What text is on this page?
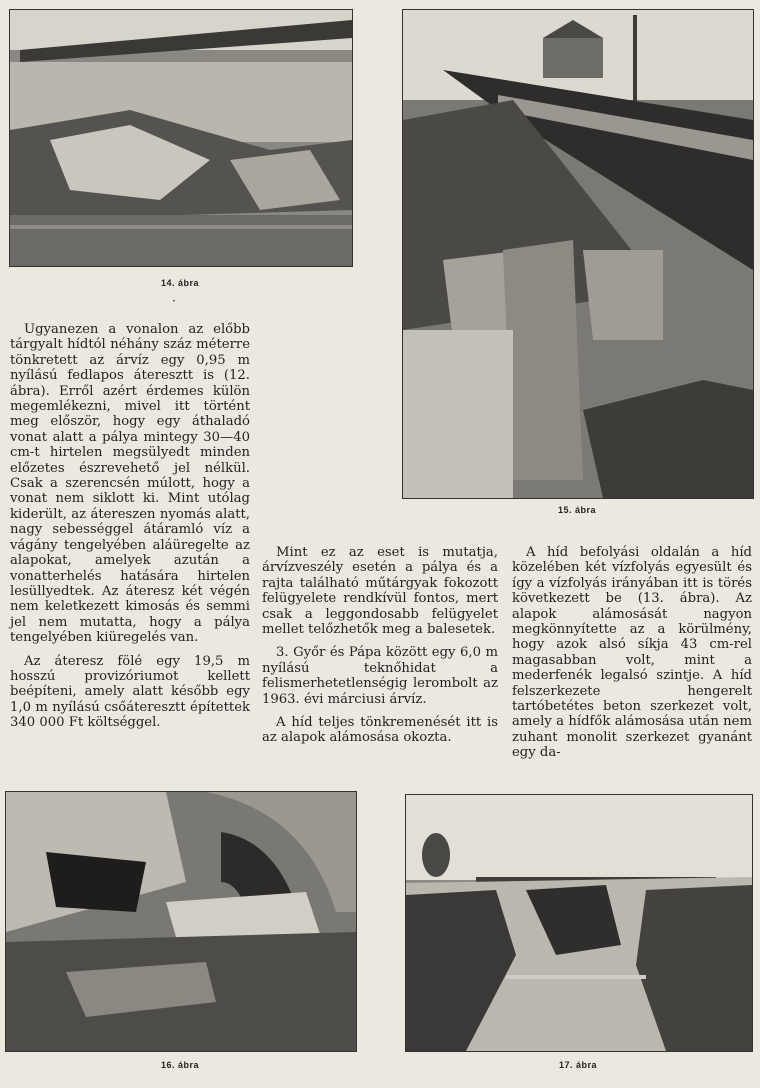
14. ábra
·
15. ábra

Ugyanezen a vonalon az előbb tárgyalt hídtól néhány száz méterre tönkretett az árvíz egy 0,95 m nyílású fedlapos áteresztt is (12. ábra). Erről azért érdemes külön megemlékezni, mivel itt történt meg először, hogy egy áthaladó vonat alatt a pálya mintegy 30—40 cm-t hirtelen megsülyedt minden előzetes észrevehető jel nélkül. Csak a szerencsén múlott, hogy a vonat nem siklott ki. Mint utólag kiderült, az átereszen nyomás alatt, nagy sebességgel átáramló víz a vágány tengelyében aláüregelte az alapokat, amelyek azután a vonatterhelés hatására hirtelen lesüllyedtek. Az áteresz két végén nem keletkezett kimosás és semmi jel nem mutatta, hogy a pálya tengelyében kiüregelés van.

Az áteresz fölé egy 19,5 m hosszú provizóriumot kellett beépíteni, amely alatt később egy 1,0 m nyílású csőáteresztt építettek 340 000 Ft költséggel.

Mint ez az eset is mutatja, árvízveszély esetén a pálya és a rajta található műtárgyak fokozott felügyelete rendkívül fontos, mert csak a leggondosabb felügyelet mellet telőzhetők meg a balesetek.

3. Győr és Pápa között egy 6,0 m nyílású teknőhidat a felismerhetetlenségig lerombolt az 1963. évi márciusi árvíz.

A híd teljes tönkremenését itt is az alapok alámosása okozta.

A híd befolyási oldalán a híd közelében két vízfolyás egyesült és így a vízfolyás irányában itt is törés következett be (13. ábra). Az alapok alámosását nagyon megkönnyítette az a körülmény, hogy azok alsó síkja 43 cm-rel magasabban volt, mint a mederfenék legalsó szintje. A híd felszerkezete hengerelt tartóbetétes beton szerkezet volt, amely a hídfők alámosása után nem zuhant monolit szerkezet gyanánt egy da-

16. ábra	17. ábra
